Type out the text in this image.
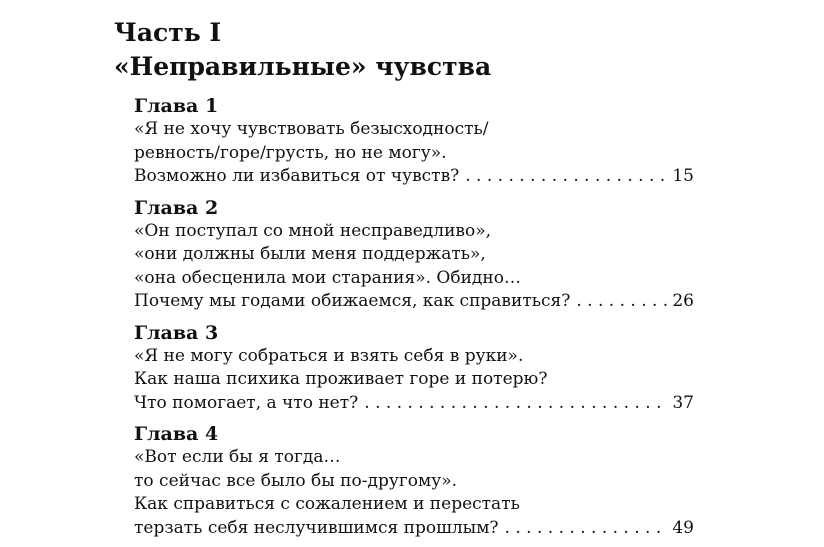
Часть I
«Неправильные» чувства
Глава 1
«Я не хочу чувствовать безысходность/
ревность/горе/грусть, но не могу».
Возможно ли избавиться от чувств? . . .	15
Глава 2
«Он поступал со мной несправедливо»,
«они должны были меня поддержать»,
«она обесценила мои старания». Обидно…
Почему мы годами обижаемся, как справиться? . . .	26
Глава 3
«Я не могу собраться и взять себя в руки».
Как наша психика проживает горе и потерю?
Что помогает, а что нет? . . .	37
Глава 4
«Вот если бы я тогда…
то сейчас все было бы по-другому».
Как справиться с сожалением и перестать
терзать себя неслучившимся прошлым? . . .	49
